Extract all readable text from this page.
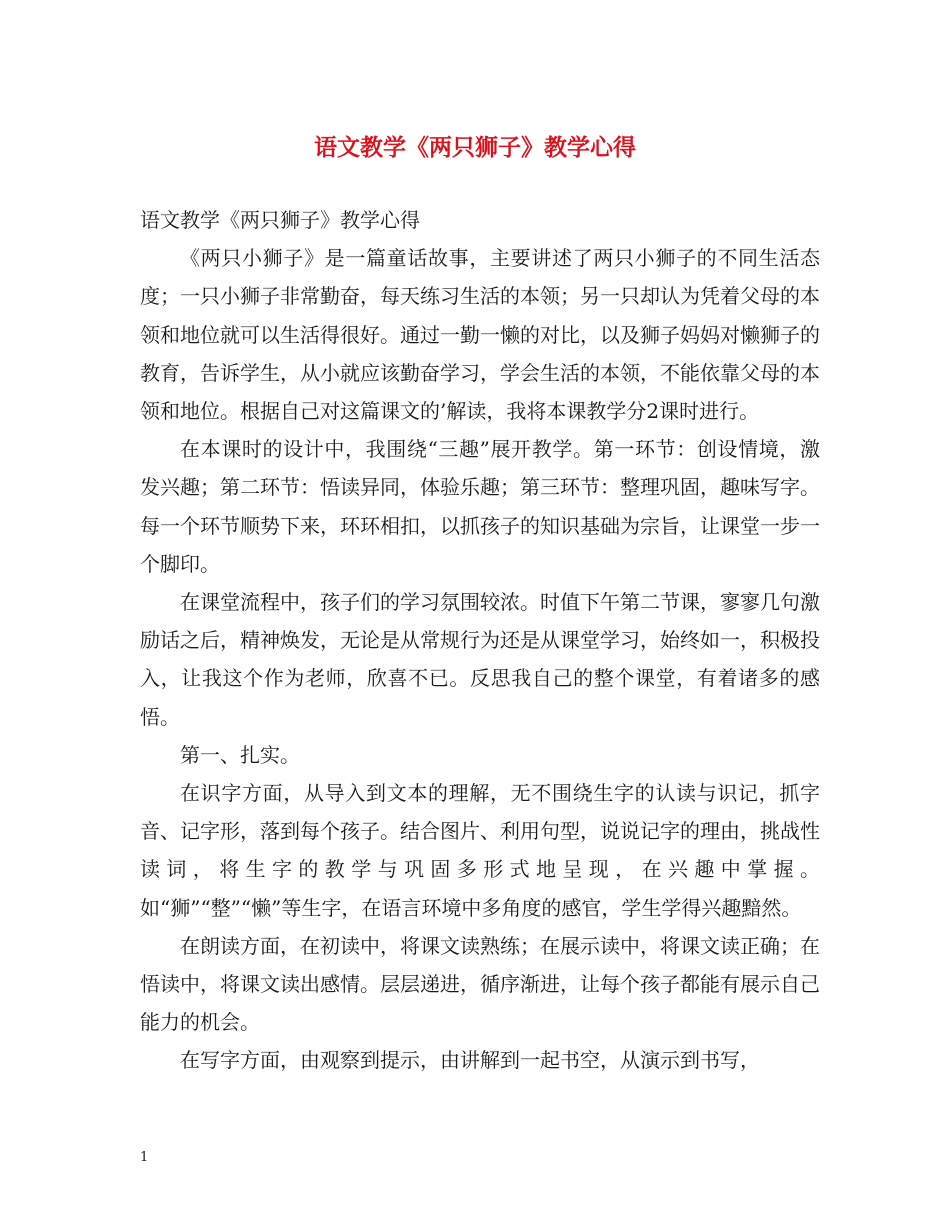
语文教学《两只狮子》教学心得

语文教学《两只狮子》教学心得

《两只小狮子》是一篇童话故事，主要讲述了两只小狮子的不同生活态度；一只小狮子非常勤奋，每天练习生活的本领；另一只却认为凭着父母的本领和地位就可以生活得很好。通过一勤一懒的对比，以及狮子妈妈对懒狮子的教育，告诉学生，从小就应该勤奋学习，学会生活的本领，不能依靠父母的本领和地位。根据自己对这篇课文的’解读，我将本课教学分2课时进行。

在本课时的设计中，我围绕“三趣”展开教学。第一环节：创设情境，激发兴趣；第二环节：悟读异同，体验乐趣；第三环节：整理巩固，趣味写字。每一个环节顺势下来，环环相扣，以抓孩子的知识基础为宗旨，让课堂一步一个脚印。

在课堂流程中，孩子们的学习氛围较浓。时值下午第二节课，寥寥几句激励话之后，精神焕发，无论是从常规行为还是从课堂学习，始终如一，积极投入，让我这个作为老师，欣喜不已。反思我自己的整个课堂，有着诸多的感悟。

第一、扎实。

在识字方面，从导入到文本的理解，无不围绕生字的认读与识记，抓字音、记字形，落到每个孩子。结合图片、利用句型，说说记字的理由，挑战性读词，将生字的教学与巩固多形式地呈现，在兴趣中掌握。如“狮”“整”“懒”等生字，在语言环境中多角度的感官，学生学得兴趣黯然。

在朗读方面，在初读中，将课文读熟练；在展示读中，将课文读正确；在悟读中，将课文读出感情。层层递进，循序渐进，让每个孩子都能有展示自己能力的机会。

在写字方面，由观察到提示，由讲解到一起书空，从演示到书写，

1
